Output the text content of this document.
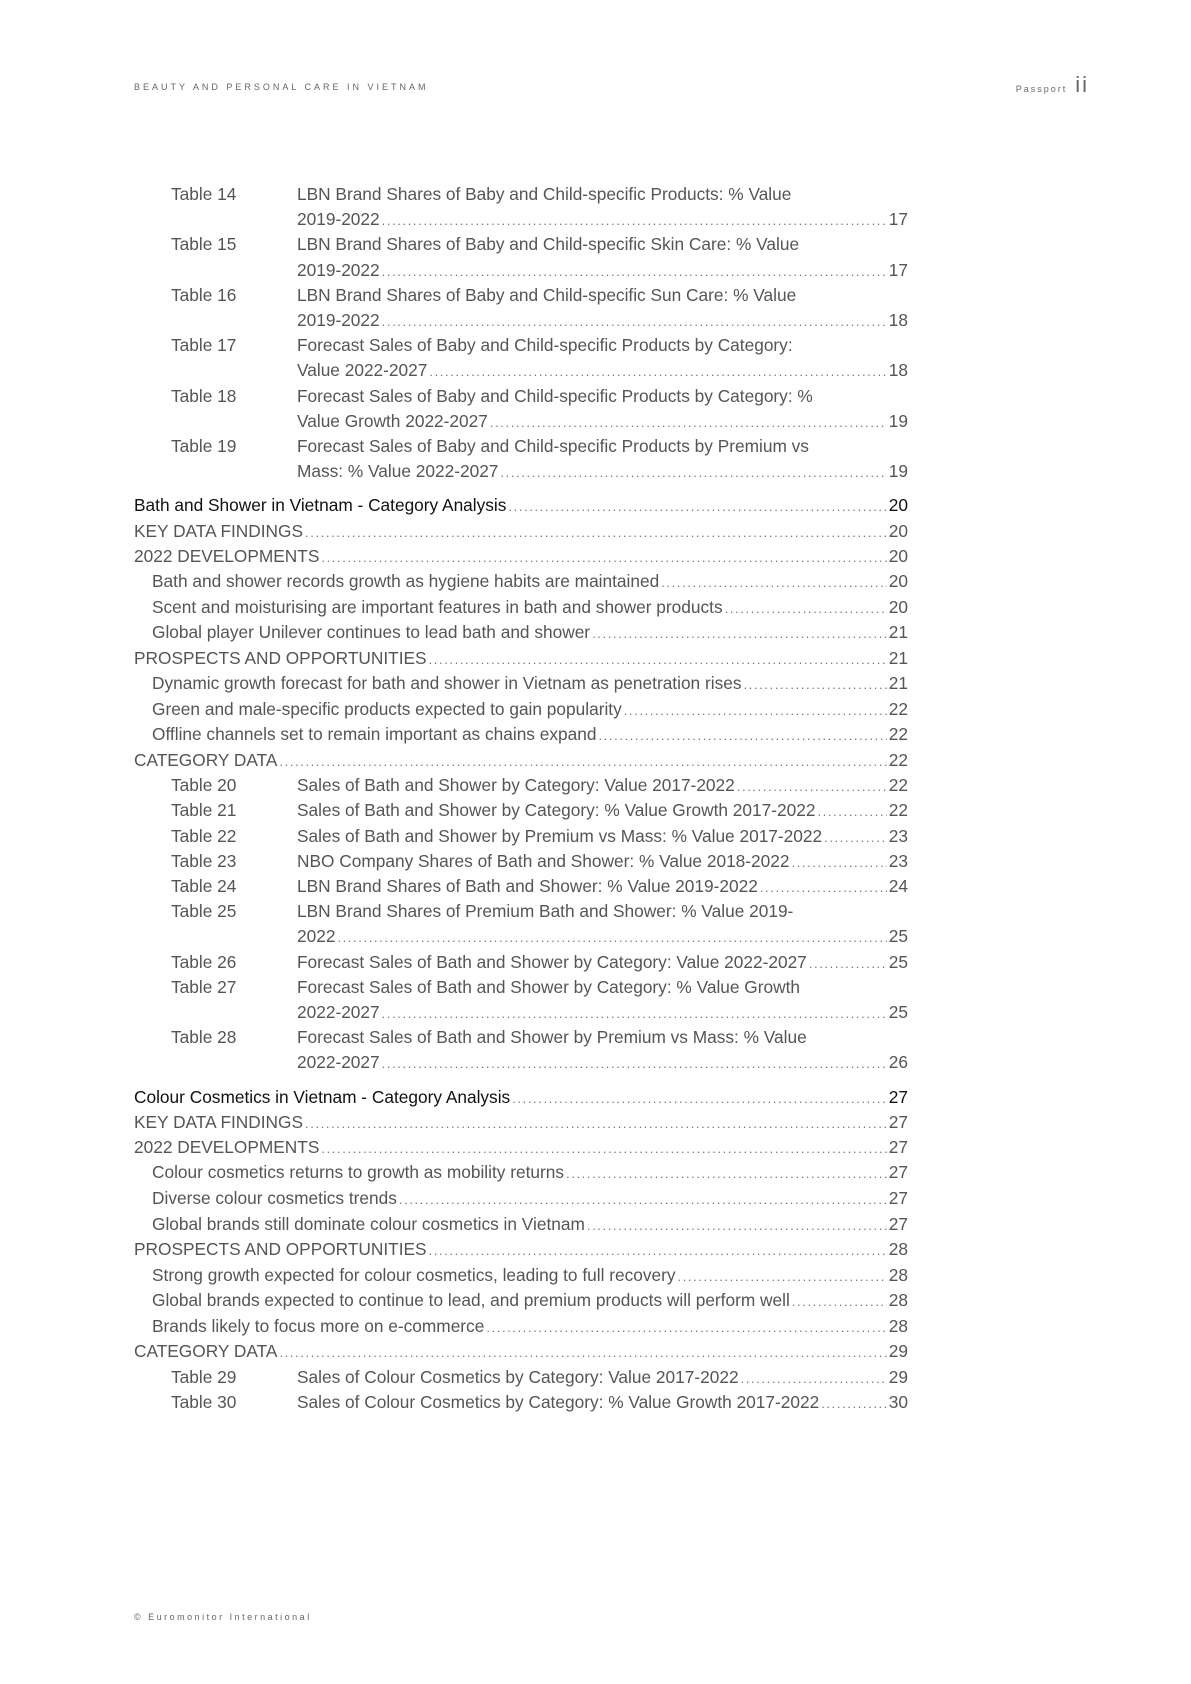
BEAUTY AND PERSONAL CARE IN VIETNAM	Passport ii
Table 14	LBN Brand Shares of Baby and Child-specific Products: % Value
2019-2022 .....	17
Table 15	LBN Brand Shares of Baby and Child-specific Skin Care: % Value
2019-2022 .....	17
Table 16	LBN Brand Shares of Baby and Child-specific Sun Care: % Value
2019-2022 .....	18
Table 17	Forecast Sales of Baby and Child-specific Products by Category:
Value 2022-2027 .....	18
Table 18	Forecast Sales of Baby and Child-specific Products by Category: %
Value Growth 2022-2027 .....	19
Table 19	Forecast Sales of Baby and Child-specific Products by Premium vs
Mass: % Value 2022-2027 .....	19
Bath and Shower in Vietnam - Category Analysis .....	20
KEY DATA FINDINGS .....	20
2022 DEVELOPMENTS .....	20
Bath and shower records growth as hygiene habits are maintained .....	20
Scent and moisturising are important features in bath and shower products .....	20
Global player Unilever continues to lead bath and shower .....	21
PROSPECTS AND OPPORTUNITIES .....	21
Dynamic growth forecast for bath and shower in Vietnam as penetration rises .....	21
Green and male-specific products expected to gain popularity .....	22
Offline channels set to remain important as chains expand .....	22
CATEGORY DATA .....	22
Table 20	Sales of Bath and Shower by Category: Value 2017-2022 .....	22
Table 21	Sales of Bath and Shower by Category: % Value Growth 2017-2022 .....	22
Table 22	Sales of Bath and Shower by Premium vs Mass: % Value 2017-2022 .....	23
Table 23	NBO Company Shares of Bath and Shower: % Value 2018-2022 .....	23
Table 24	LBN Brand Shares of Bath and Shower: % Value 2019-2022 .....	24
Table 25	LBN Brand Shares of Premium Bath and Shower: % Value 2019-
2022 .....	25
Table 26	Forecast Sales of Bath and Shower by Category: Value 2022-2027 .....	25
Table 27	Forecast Sales of Bath and Shower by Category: % Value Growth
2022-2027 .....	25
Table 28	Forecast Sales of Bath and Shower by Premium vs Mass: % Value
2022-2027 .....	26
Colour Cosmetics in Vietnam - Category Analysis .....	27
KEY DATA FINDINGS .....	27
2022 DEVELOPMENTS .....	27
Colour cosmetics returns to growth as mobility returns .....	27
Diverse colour cosmetics trends .....	27
Global brands still dominate colour cosmetics in Vietnam .....	27
PROSPECTS AND OPPORTUNITIES .....	28
Strong growth expected for colour cosmetics, leading to full recovery .....	28
Global brands expected to continue to lead, and premium products will perform well .....	28
Brands likely to focus more on e-commerce .....	28
CATEGORY DATA .....	29
Table 29	Sales of Colour Cosmetics by Category: Value 2017-2022 .....	29
Table 30	Sales of Colour Cosmetics by Category: % Value Growth 2017-2022 .....	30
© Euromonitor International
